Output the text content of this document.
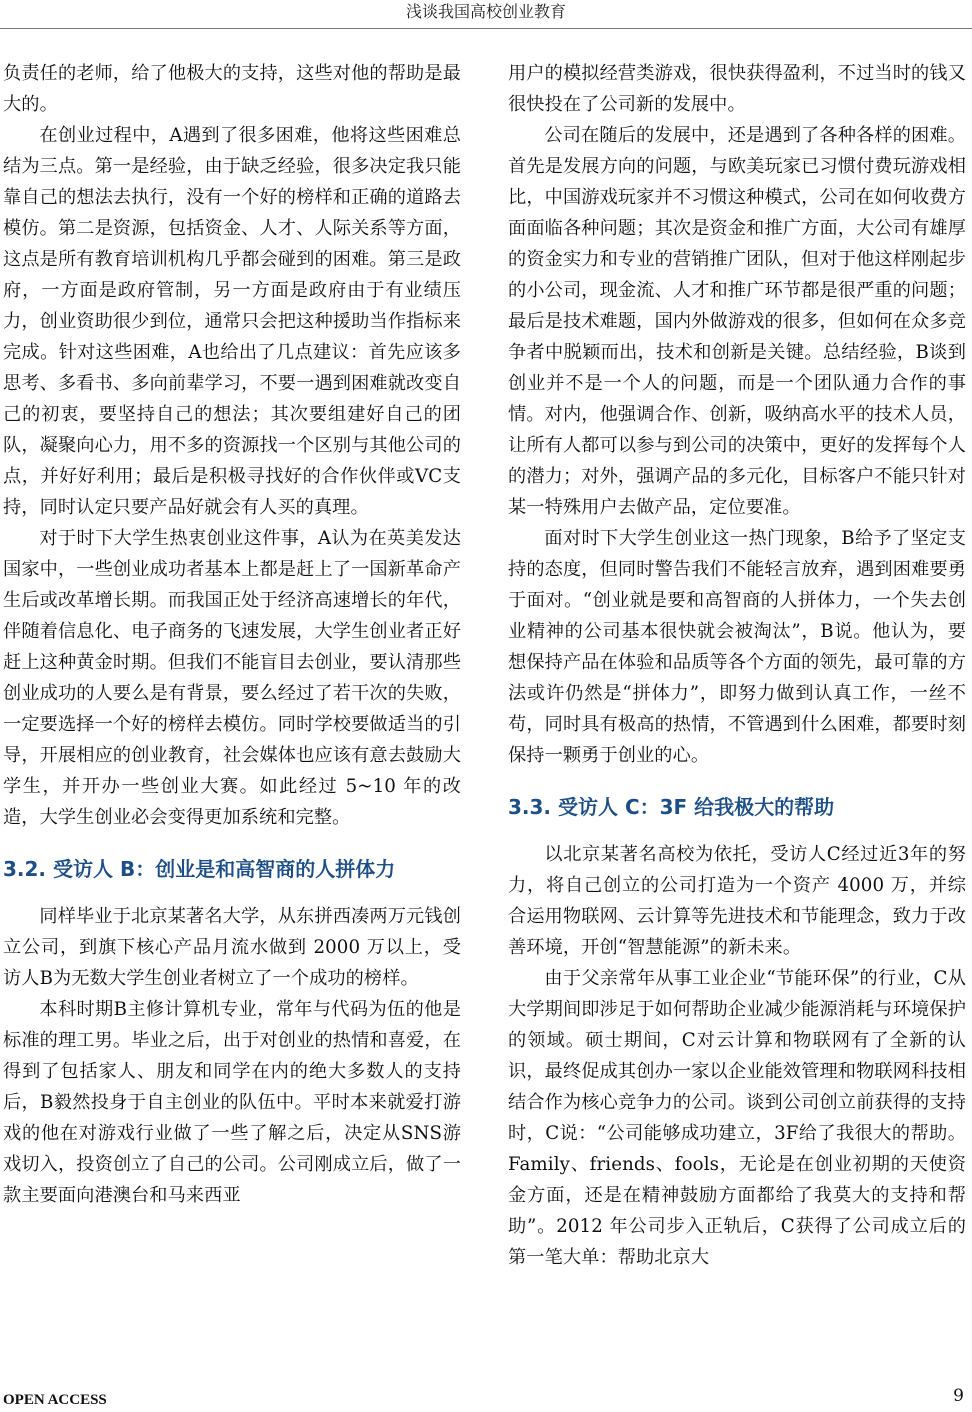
浅谈我国高校创业教育

负责任的老师，给了他极大的支持，这些对他的帮助是最大的。

在创业过程中，A遇到了很多困难，他将这些困难总结为三点。第一是经验，由于缺乏经验，很多决定我只能靠自己的想法去执行，没有一个好的榜样和正确的道路去模仿。第二是资源，包括资金、人才、人际关系等方面，这点是所有教育培训机构几乎都会碰到的困难。第三是政府，一方面是政府管制，另一方面是政府由于有业绩压力，创业资助很少到位，通常只会把这种援助当作指标来完成。针对这些困难，A也给出了几点建议：首先应该多思考、多看书、多向前辈学习，不要一遇到困难就改变自己的初衷，要坚持自己的想法；其次要组建好自己的团队，凝聚向心力，用不多的资源找一个区别与其他公司的点，并好好利用；最后是积极寻找好的合作伙伴或VC支持，同时认定只要产品好就会有人买的真理。

对于时下大学生热衷创业这件事，A认为在英美发达国家中，一些创业成功者基本上都是赶上了一国新革命产生后或改革增长期。而我国正处于经济高速增长的年代，伴随着信息化、电子商务的飞速发展，大学生创业者正好赶上这种黄金时期。但我们不能盲目去创业，要认清那些创业成功的人要么是有背景，要么经过了若干次的失败，一定要选择一个好的榜样去模仿。同时学校要做适当的引导，开展相应的创业教育，社会媒体也应该有意去鼓励大学生，并开办一些创业大赛。如此经过 5~10 年的改造，大学生创业必会变得更加系统和完整。

3.2. 受访人 B：创业是和高智商的人拼体力

同样毕业于北京某著名大学，从东拼西凑两万元钱创立公司，到旗下核心产品月流水做到 2000 万以上，受访人B为无数大学生创业者树立了一个成功的榜样。

本科时期B主修计算机专业，常年与代码为伍的他是标准的理工男。毕业之后，出于对创业的热情和喜爱，在得到了包括家人、朋友和同学在内的绝大多数人的支持后，B毅然投身于自主创业的队伍中。平时本来就爱打游戏的他在对游戏行业做了一些了解之后，决定从SNS游戏切入，投资创立了自己的公司。公司刚成立后，做了一款主要面向港澳台和马来西亚

用户的模拟经营类游戏，很快获得盈利，不过当时的钱又很快投在了公司新的发展中。

公司在随后的发展中，还是遇到了各种各样的困难。首先是发展方向的问题，与欧美玩家已习惯付费玩游戏相比，中国游戏玩家并不习惯这种模式，公司在如何收费方面面临各种问题；其次是资金和推广方面，大公司有雄厚的资金实力和专业的营销推广团队，但对于他这样刚起步的小公司，现金流、人才和推广环节都是很严重的问题；最后是技术难题，国内外做游戏的很多，但如何在众多竞争者中脱颖而出，技术和创新是关键。总结经验，B谈到创业并不是一个人的问题，而是一个团队通力合作的事情。对内，他强调合作、创新，吸纳高水平的技术人员，让所有人都可以参与到公司的决策中，更好的发挥每个人的潜力；对外，强调产品的多元化，目标客户不能只针对某一特殊用户去做产品，定位要准。

面对时下大学生创业这一热门现象，B给予了坚定支持的态度，但同时警告我们不能轻言放弃，遇到困难要勇于面对。“创业就是要和高智商的人拼体力，一个失去创业精神的公司基本很快就会被淘汰”，B说。他认为，要想保持产品在体验和品质等各个方面的领先，最可靠的方法或许仍然是“拼体力”，即努力做到认真工作，一丝不苟，同时具有极高的热情，不管遇到什么困难，都要时刻保持一颗勇于创业的心。

3.3. 受访人 C：3F 给我极大的帮助

以北京某著名高校为依托，受访人C经过近3年的努力，将自己创立的公司打造为一个资产 4000 万，并综合运用物联网、云计算等先进技术和节能理念，致力于改善环境，开创“智慧能源”的新未来。

由于父亲常年从事工业企业“节能环保”的行业，C从大学期间即涉足于如何帮助企业减少能源消耗与环境保护的领域。硕士期间，C对云计算和物联网有了全新的认识，最终促成其创办一家以企业能效管理和物联网科技相结合作为核心竞争力的公司。谈到公司创立前获得的支持时，C说：“公司能够成功建立，3F给了我很大的帮助。Family、friends、fools，无论是在创业初期的天使资金方面，还是在精神鼓励方面都给了我莫大的支持和帮助”。2012 年公司步入正轨后，C获得了公司成立后的第一笔大单：帮助北京大

OPEN ACCESS	9
